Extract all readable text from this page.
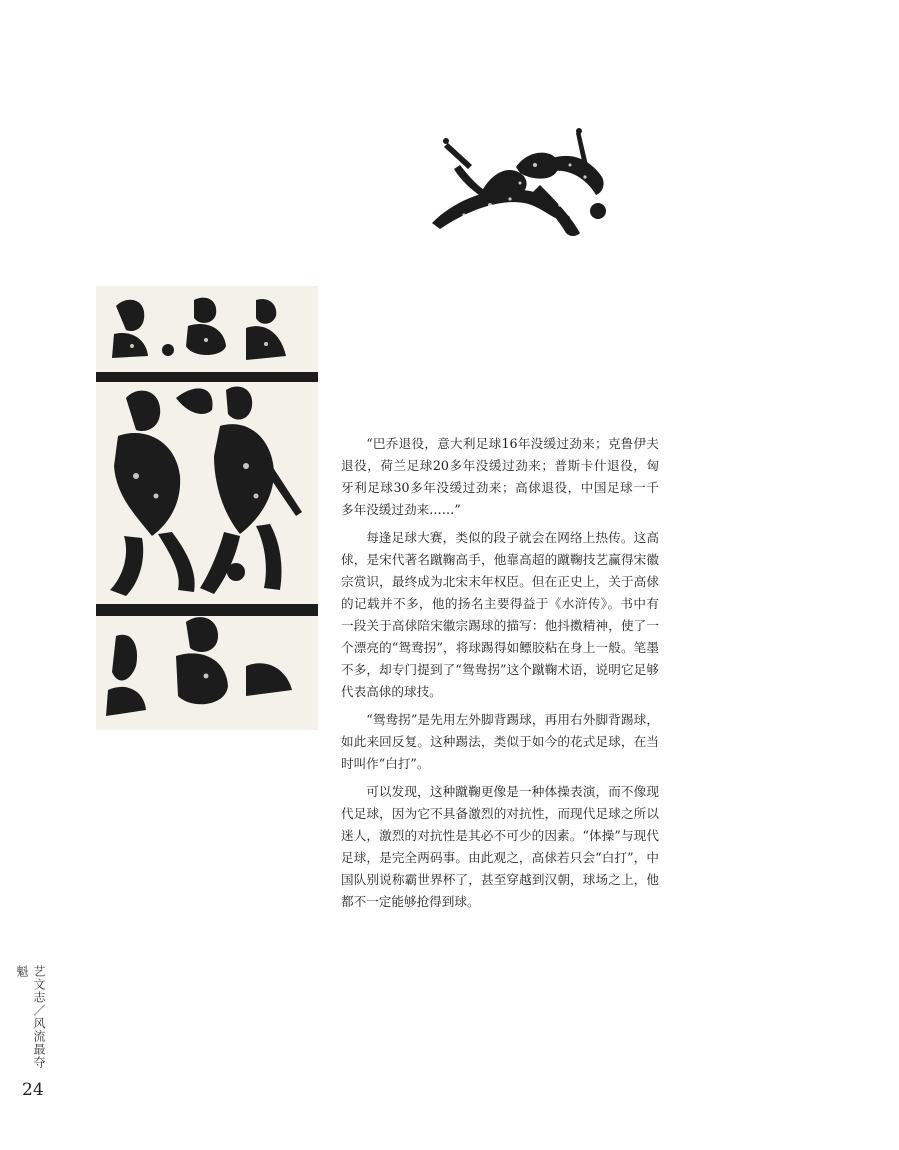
“巴乔退役，意大利足球16年没缓过劲来；克鲁伊夫退役，荷兰足球20多年没缓过劲来；普斯卡什退役，匈牙利足球30多年没缓过劲来；高俅退役，中国足球一千多年没缓过劲来……”

每逢足球大赛，类似的段子就会在网络上热传。这高俅，是宋代著名蹴鞠高手，他靠高超的蹴鞠技艺赢得宋徽宗赏识，最终成为北宋末年权臣。但在正史上，关于高俅的记载并不多，他的扬名主要得益于《水浒传》。书中有一段关于高俅陪宋徽宗踢球的描写：他抖擞精神，使了一个漂亮的“鸳鸯拐”，将球踢得如鳔胶粘在身上一般。笔墨不多，却专门提到了“鸳鸯拐”这个蹴鞠术语，说明它足够代表高俅的球技。

“鸳鸯拐”是先用左外脚背踢球，再用右外脚背踢球，如此来回反复。这种踢法，类似于如今的花式足球，在当时叫作“白打”。

可以发现，这种蹴鞠更像是一种体操表演，而不像现代足球，因为它不具备激烈的对抗性，而现代足球之所以迷人，激烈的对抗性是其必不可少的因素。“体操”与现代足球，是完全两码事。由此观之，高俅若只会“白打”，中国队别说称霸世界杯了，甚至穿越到汉朝，球场之上，他都不一定能够抢得到球。

艺文志／风流最夺魁
24
